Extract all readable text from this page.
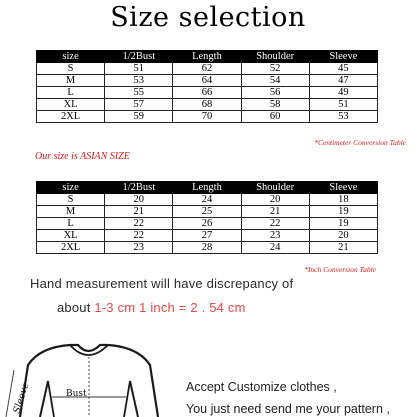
Size selection
size	1/2Bust	Length	Shoulder	Sleeve
S	51	62	52	45
M	53	64	54	47
L	55	66	56	49
XL	57	68	58	51
2XL	59	70	60	53
*Centimeter Conversion Table
Our size is ASIAN SIZE
size	1/2Bust	Length	Shoulder	Sleeve
S	20	24	20	18
M	21	25	21	19
L	22	26	22	19
XL	22	27	23	20
2XL	23	28	24	21
*Inch Conversion Table
Hand measurement will have discrepancy of
about 1-3 cm 1 inch = 2 . 54 cm
Bust
Sleeve	Accept Customize clothes ,
You just need send me your pattern ,
